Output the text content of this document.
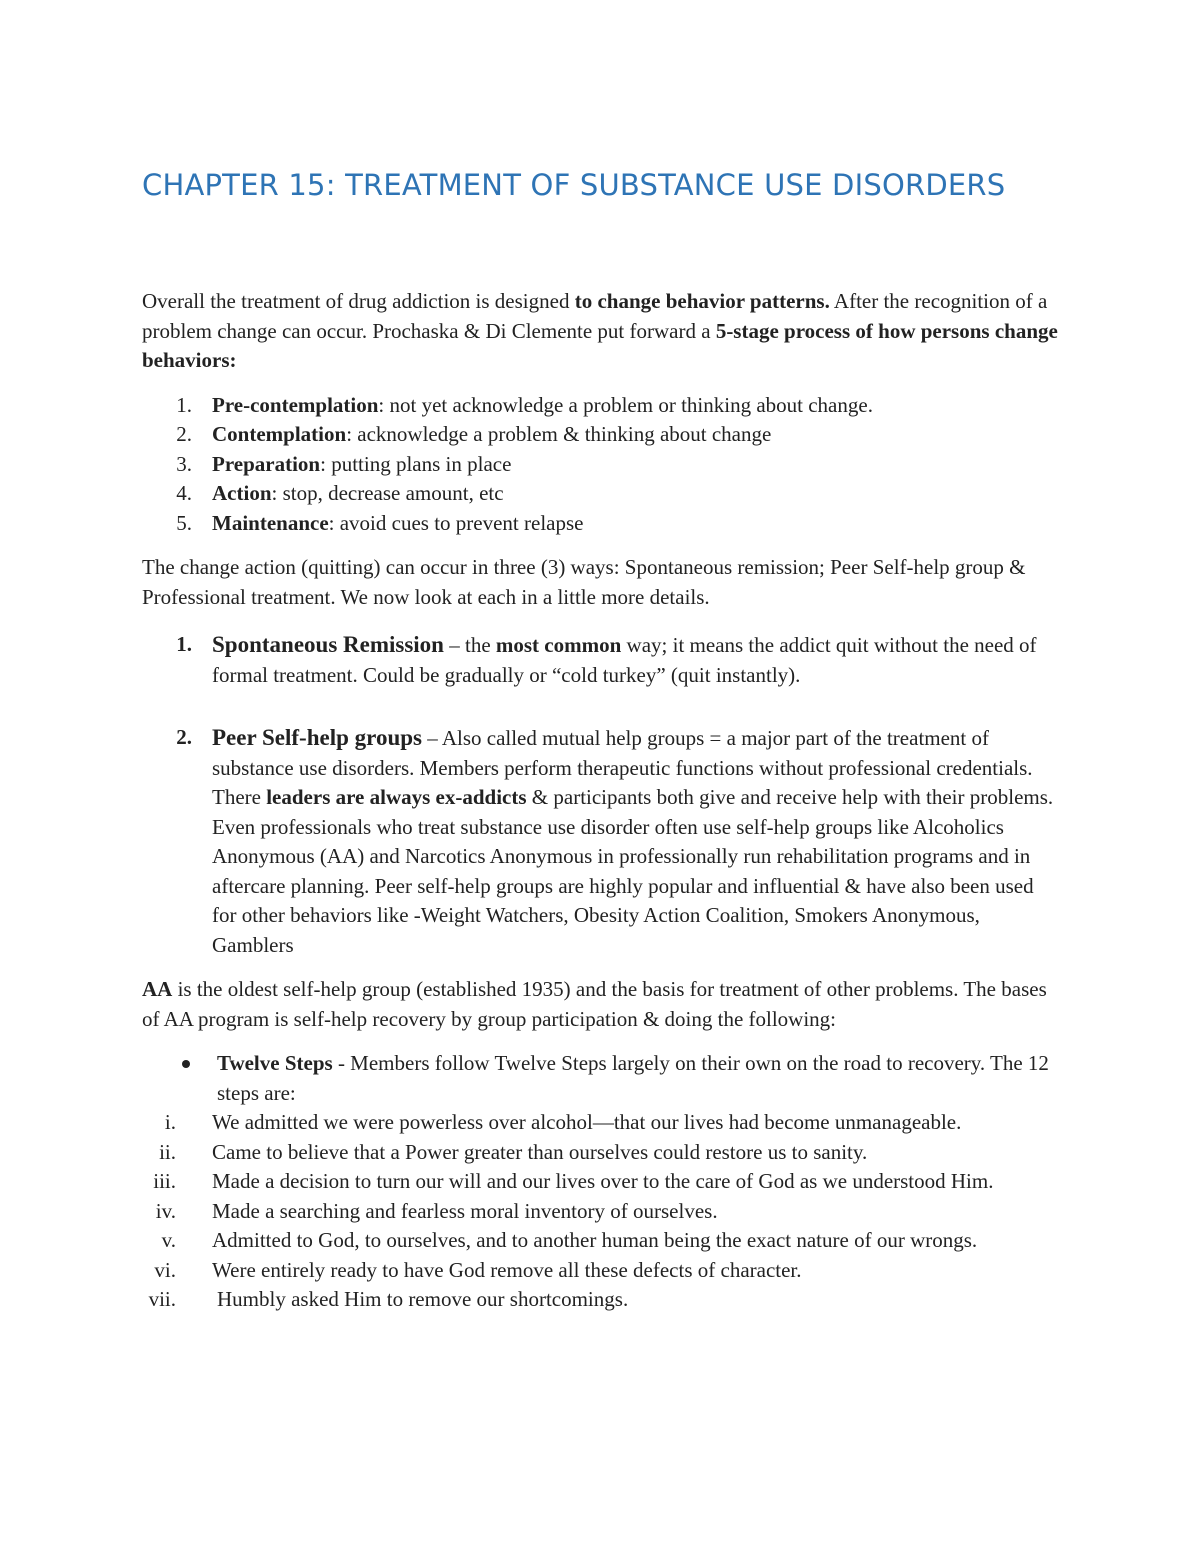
CHAPTER 15: TREATMENT OF SUBSTANCE USE DISORDERS

Overall the treatment of drug addiction is designed to change behavior patterns. After the recognition of a problem change can occur. Prochaska & Di Clemente put forward a 5-stage process of how persons change behaviors:

1. Pre-contemplation: not yet acknowledge a problem or thinking about change.
2. Contemplation: acknowledge a problem & thinking about change
3. Preparation: putting plans in place
4. Action: stop, decrease amount, etc
5. Maintenance: avoid cues to prevent relapse

The change action (quitting) can occur in three (3) ways: Spontaneous remission; Peer Self-help group & Professional treatment. We now look at each in a little more details.

1. Spontaneous Remission – the most common way; it means the addict quit without the need of formal treatment. Could be gradually or “cold turkey” (quit instantly).
2. Peer Self-help groups – Also called mutual help groups = a major part of the treatment of substance use disorders. Members perform therapeutic functions without professional credentials. There leaders are always ex-addicts & participants both give and receive help with their problems. Even professionals who treat substance use disorder often use self-help groups like Alcoholics Anonymous (AA) and Narcotics Anonymous in professionally run rehabilitation programs and in aftercare planning. Peer self-help groups are highly popular and influential & have also been used for other behaviors like -Weight Watchers, Obesity Action Coalition, Smokers Anonymous, Gamblers

AA is the oldest self-help group (established 1935) and the basis for treatment of other problems. The bases of AA program is self-help recovery by group participation & doing the following:

Twelve Steps - Members follow Twelve Steps largely on their own on the road to recovery. The 12 steps are:
i. We admitted we were powerless over alcohol—that our lives had become unmanageable.
ii. Came to believe that a Power greater than ourselves could restore us to sanity.
iii. Made a decision to turn our will and our lives over to the care of God as we understood Him.
iv. Made a searching and fearless moral inventory of ourselves.
v. Admitted to God, to ourselves, and to another human being the exact nature of our wrongs.
vi. Were entirely ready to have God remove all these defects of character.
vii. Humbly asked Him to remove our shortcomings.
